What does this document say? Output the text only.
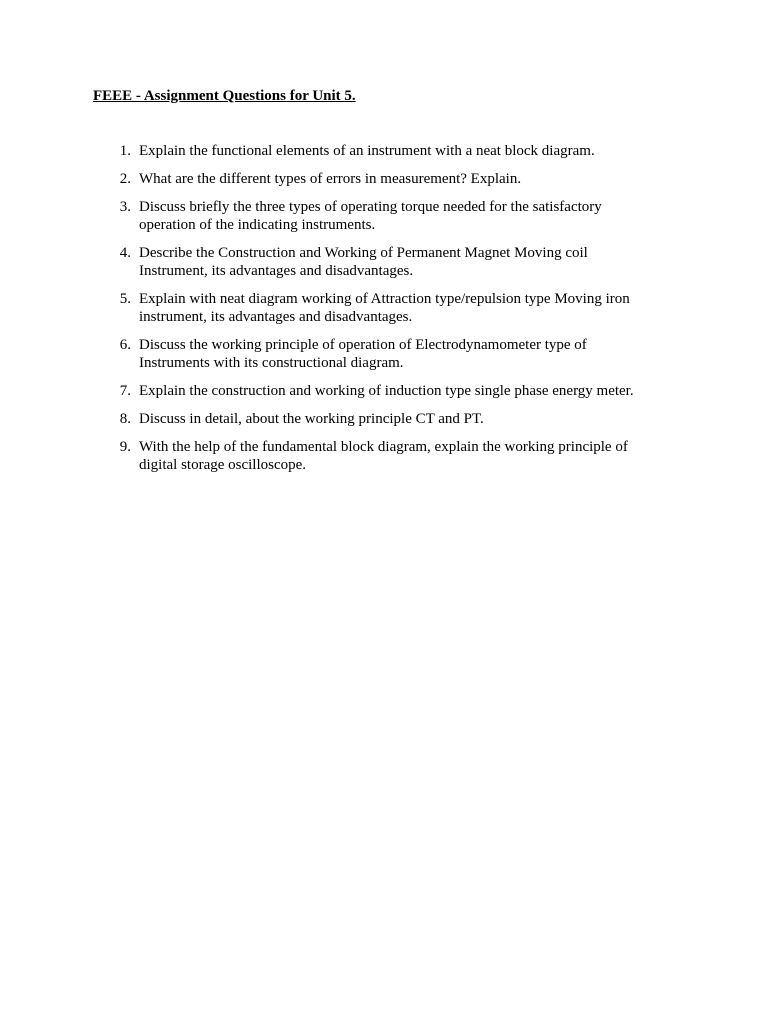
FEEE - Assignment Questions for Unit 5.
1. Explain the functional elements of an instrument with a neat block diagram.
2. What are the different types of errors in measurement? Explain.
3. Discuss briefly the three types of operating torque needed for the satisfactory
operation of the indicating instruments.
4. Describe the Construction and Working of Permanent Magnet Moving coil
Instrument, its advantages and disadvantages.
5. Explain with neat diagram working of Attraction type/repulsion type Moving iron
instrument, its advantages and disadvantages.
6. Discuss the working principle of operation of Electrodynamometer type of
Instruments with its constructional diagram.
7. Explain the construction and working of induction type single phase energy meter.
8. Discuss in detail, about the working principle CT and PT.
9. With the help of the fundamental block diagram, explain the working principle of
digital storage oscilloscope.
